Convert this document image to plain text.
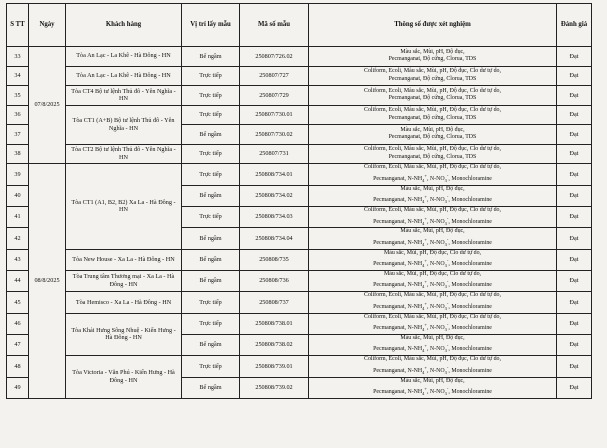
S TT	Ngày	Khách hàng	Vị trí lấy mẫu	Mã số mẫu	Thông số được xét nghiệm	Đánh giá
33	07/8/2025	Tòa An Lạc - La Khê - Hà Đông - HN	Bể ngầm	250807/726.02	Màu sắc, Mùi, pH, Độ đục,
Pecmanganat, Độ cứng, Clorua, TDS	Đạt
34		Tòa An Lạc - La Khê - Hà Đông - HN	Trực tiếp	250807/727	Coliform, Ecoli, Màu sắc, Mùi, pH, Độ đục, Clo dư tự do,
Pecmanganat, Độ cứng, Clorua, TDS	Đạt
35		Tòa CT4 Bộ tư lệnh Thủ đô - Yên Nghĩa - HN	Trực tiếp	250807/729	Coliform, Ecoli, Màu sắc, Mùi, pH, Độ đục, Clo dư tự do,
Pecmanganat, Độ cứng, Clorua, TDS	Đạt
36		Tòa CT1 (A+B) Bộ tư lệnh Thủ đô - Yên Nghĩa - HN	Trực tiếp	250807/730.01	Coliform, Ecoli, Màu sắc, Mùi, pH, Độ đục, Clo dư tự do,
Pecmanganat, Độ cứng, Clorua, TDS	Đạt
37			Bể ngầm	250807/730.02	Màu sắc, Mùi, pH, Độ đục,
Pecmanganat, Độ cứng, Clorua, TDS	Đạt
38		Tòa CT2 Bộ tư lệnh Thủ đô - Yên Nghĩa - HN	Trực tiếp	250807/731	Coliform, Ecoli, Màu sắc, Mùi, pH, Độ đục, Clo dư tự do,
Pecmanganat, Độ cứng, Clorua, TDS	Đạt
39	08/8/2025	Tòa CT1 (A1, B2, B2) Xa La - Hà Đông - HN	Trực tiếp	250808/734.01	Coliform, Ecoli, Màu sắc, Mùi, pH, Độ đục, Clo dư tự do,
Pecmanganat, $N-NH_4^+$, $N-NO_3^-$, Monochloramine	Đạt
40			Bể ngầm	250808/734.02	Màu sắc, Mùi, pH, Độ đục,
Pecmanganat, $N-NH_4^+$, $N-NO_3^-$, Monochloramine	Đạt
41			Trực tiếp	250808/734.03	Coliform, Ecoli, Màu sắc, Mùi, pH, Độ đục, Clo dư tự do,
Pecmanganat, $N-NH_4^+$, $N-NO_3^-$, Monochloramine	Đạt
42			Bể ngầm	250808/734.04	Màu sắc, Mùi, pH, Độ đục,
Pecmanganat, $N-NH_4^+$, $N-NO_3^-$, Monochloramine	Đạt
43		Tòa New House - Xa La - Hà Đông - HN	Bể ngầm	250808/735	Màu sắc, Mùi, pH, Độ đục, Clo dư tự do,
Pecmanganat, $N-NH_4^+$, $N-NO_3^-$, Monochloramine	Đạt
44		Tòa Trung tâm Thương mại - Xa La - Hà Đông - HN	Bể ngầm	250808/736	Màu sắc, Mùi, pH, Độ đục, Clo dư tự do,
Pecmanganat, $N-NH_4^+$, $N-NO_3^-$, Monochloramine	Đạt
45		Tòa Hemisco - Xa La - Hà Đông - HN	Trực tiếp	250808/737	Coliform, Ecoli, Màu sắc, Mùi, pH, Độ đục, Clo dư tự do,
Pecmanganat, $N-NH_4^+$, $N-NO_3^-$, Monochloramine	Đạt
46		Tòa Khải Hưng Sông Nhuệ - Kiến Hưng - Hà Đông - HN	Trực tiếp	250808/738.01	Coliform, Ecoli, Màu sắc, Mùi, pH, Độ đục, Clo dư tự do,
Pecmanganat, $N-NH_4^+$, $N-NO_3^-$, Monochloramine	Đạt
47			Bể ngầm	250808/738.02	Màu sắc, Mùi, pH, Độ đục,
Pecmanganat, $N-NH_4^+$, $N-NO_3^-$, Monochloramine	Đạt
48		Tòa Victoria - Văn Phú - Kiến Hưng - Hà Đông - HN	Trực tiếp	250808/739.01	Coliform, Ecoli, Màu sắc, Mùi, pH, Độ đục, Clo dư tự do,
Pecmanganat, $N-NH_4^+$, $N-NO_3^-$, Monochloramine	Đạt
49			Bể ngầm	250808/739.02	Màu sắc, Mùi, pH, Độ đục,
Pecmanganat, $N-NH_4^+$, $N-NO_3^-$, Monochloramine	Đạt
